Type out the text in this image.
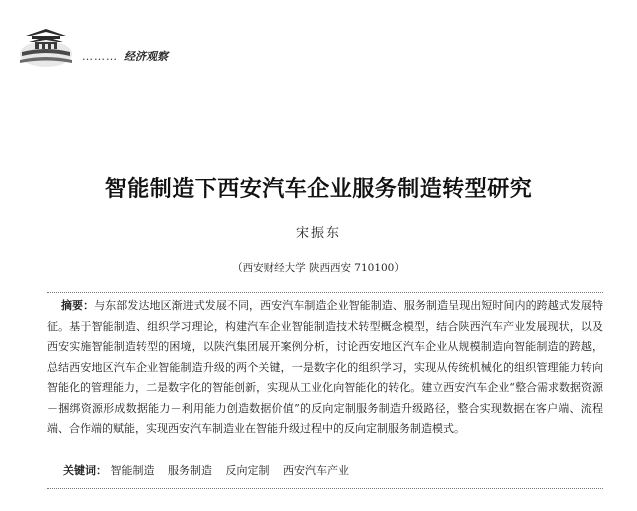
……… 经济观察
智能制造下西安汽车企业服务制造转型研究
宋振东
（西安财经大学 陕西西安 710100）
摘要：与东部发达地区渐进式发展不同，西安汽车制造企业智能制造、服务制造呈现出短时间内的跨越式发展特征。基于智能制造、组织学习理论，构建汽车企业智能制造技术转型概念模型，结合陕西汽车产业发展现状，以及西安实施智能制造转型的困境，以陕汽集团展开案例分析，讨论西安地区汽车企业从规模制造向智能制造的跨越，总结西安地区汽车企业智能制造升级的两个关键，一是数字化的组织学习，实现从传统机械化的组织管理能力转向智能化的管理能力，二是数字化的智能创新，实现从工业化向智能化的转化。建立西安汽车企业“整合需求数据资源－捆绑资源形成数据能力－利用能力创造数据价值”的反向定制服务制造升级路径，整合实现数据在客户端、流程端、合作端的赋能，实现西安汽车制造业在智能升级过程中的反向定制服务制造模式。
关键词： 智能制造 服务制造 反向定制 西安汽车产业
